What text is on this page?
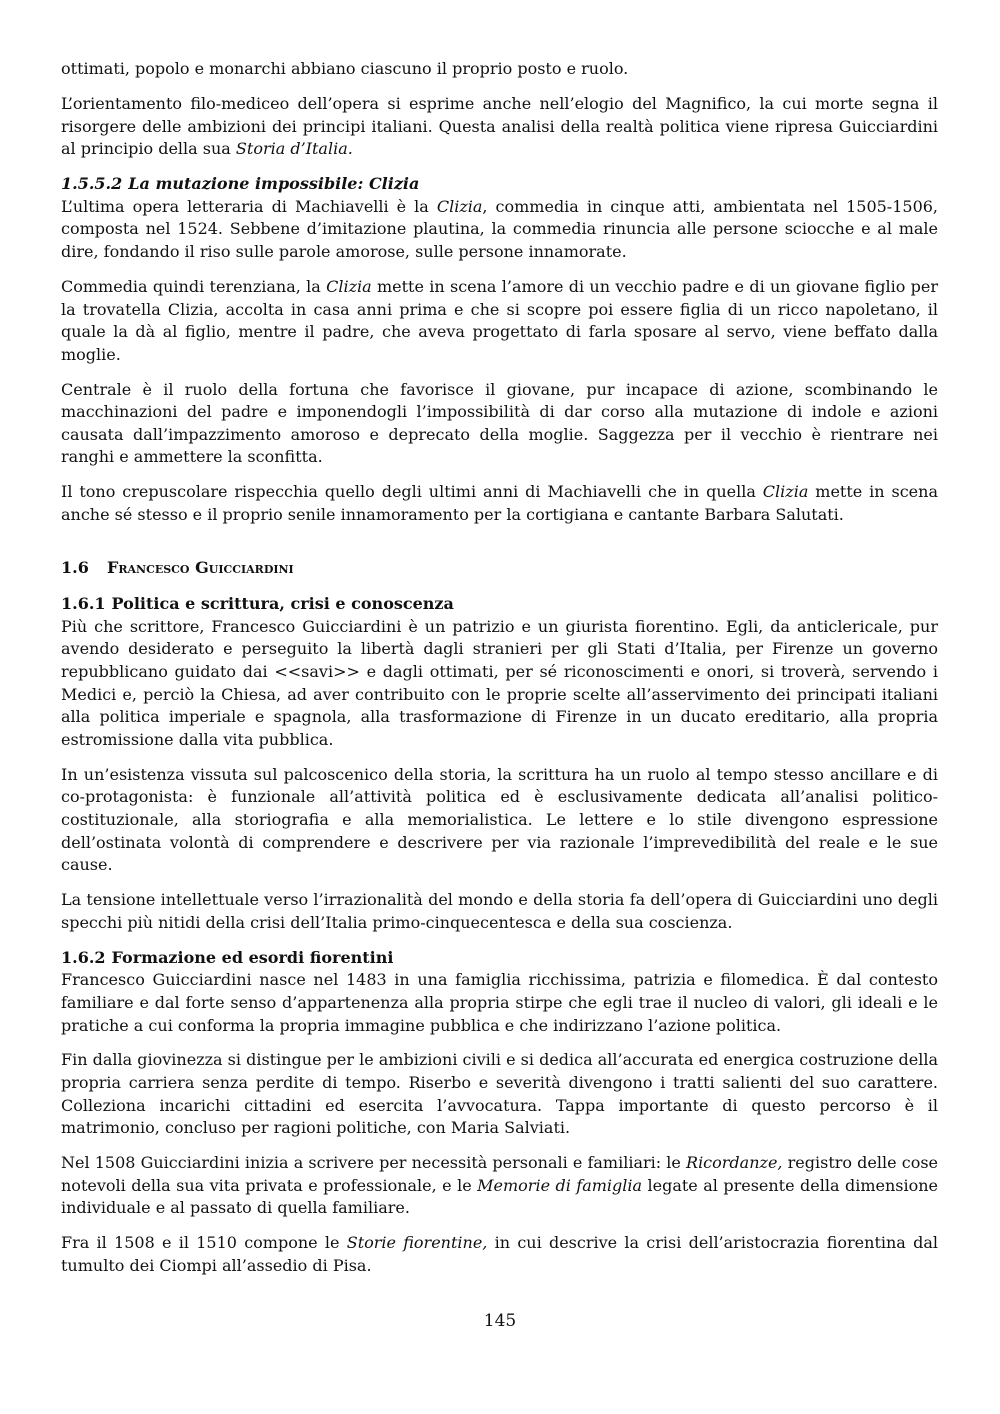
ottimati, popolo e monarchi abbiano ciascuno il proprio posto e ruolo.

L’orientamento filo-mediceo dell’opera si esprime anche nell’elogio del Magnifico, la cui morte segna il risorgere delle ambizioni dei principi italiani. Questa analisi della realtà politica viene ripresa Guicciardini al principio della sua Storia d’Italia.

1.5.5.2 La mutazione impossibile: Clizia

L’ultima opera letteraria di Machiavelli è la Clizia, commedia in cinque atti, ambientata nel 1505-1506, composta nel 1524. Sebbene d’imitazione plautina, la commedia rinuncia alle persone sciocche e al male dire, fondando il riso sulle parole amorose, sulle persone innamorate.

Commedia quindi terenziana, la Clizia mette in scena l’amore di un vecchio padre e di un giovane figlio per la trovatella Clizia, accolta in casa anni prima e che si scopre poi essere figlia di un ricco napoletano, il quale la dà al figlio, mentre il padre, che aveva progettato di farla sposare al servo, viene beffato dalla moglie.

Centrale è il ruolo della fortuna che favorisce il giovane, pur incapace di azione, scombinando le macchinazioni del padre e imponendogli l’impossibilità di dar corso alla mutazione di indole e azioni causata dall’impazzimento amoroso e deprecato della moglie. Saggezza per il vecchio è rientrare nei ranghi e ammettere la sconfitta.

Il tono crepuscolare rispecchia quello degli ultimi anni di Machiavelli che in quella Clizia mette in scena anche sé stesso e il proprio senile innamoramento per la cortigiana e cantante Barbara Salutati.

1.6 Francesco Guicciardini
1.6.1 Politica e scrittura, crisi e conoscenza

Più che scrittore, Francesco Guicciardini è un patrizio e un giurista fiorentino. Egli, da anticlericale, pur avendo desiderato e perseguito la libertà dagli stranieri per gli Stati d’Italia, per Firenze un governo repubblicano guidato dai <<savi>> e dagli ottimati, per sé riconoscimenti e onori, si troverà, servendo i Medici e, perciò la Chiesa, ad aver contribuito con le proprie scelte all’asservimento dei principati italiani alla politica imperiale e spagnola, alla trasformazione di Firenze in un ducato ereditario, alla propria estromissione dalla vita pubblica.

In un’esistenza vissuta sul palcoscenico della storia, la scrittura ha un ruolo al tempo stesso ancillare e di co-protagonista: è funzionale all’attività politica ed è esclusivamente dedicata all’analisi politico-costituzionale, alla storiografia e alla memorialistica. Le lettere e lo stile divengono espressione dell’ostinata volontà di comprendere e descrivere per via razionale l’imprevedibilità del reale e le sue cause.

La tensione intellettuale verso l’irrazionalità del mondo e della storia fa dell’opera di Guicciardini uno degli specchi più nitidi della crisi dell’Italia primo-cinquecentesca e della sua coscienza.

1.6.2 Formazione ed esordi fiorentini

Francesco Guicciardini nasce nel 1483 in una famiglia ricchissima, patrizia e filomedica. È dal contesto familiare e dal forte senso d’appartenenza alla propria stirpe che egli trae il nucleo di valori, gli ideali e le pratiche a cui conforma la propria immagine pubblica e che indirizzano l’azione politica.

Fin dalla giovinezza si distingue per le ambizioni civili e si dedica all’accurata ed energica costruzione della propria carriera senza perdite di tempo. Riserbo e severità divengono i tratti salienti del suo carattere. Colleziona incarichi cittadini ed esercita l’avvocatura. Tappa importante di questo percorso è il matrimonio, concluso per ragioni politiche, con Maria Salviati.

Nel 1508 Guicciardini inizia a scrivere per necessità personali e familiari: le Ricordanze, registro delle cose notevoli della sua vita privata e professionale, e le Memorie di famiglia legate al presente della dimensione individuale e al passato di quella familiare.

Fra il 1508 e il 1510 compone le Storie fiorentine, in cui descrive la crisi dell’aristocrazia fiorentina dal tumulto dei Ciompi all’assedio di Pisa.

145
